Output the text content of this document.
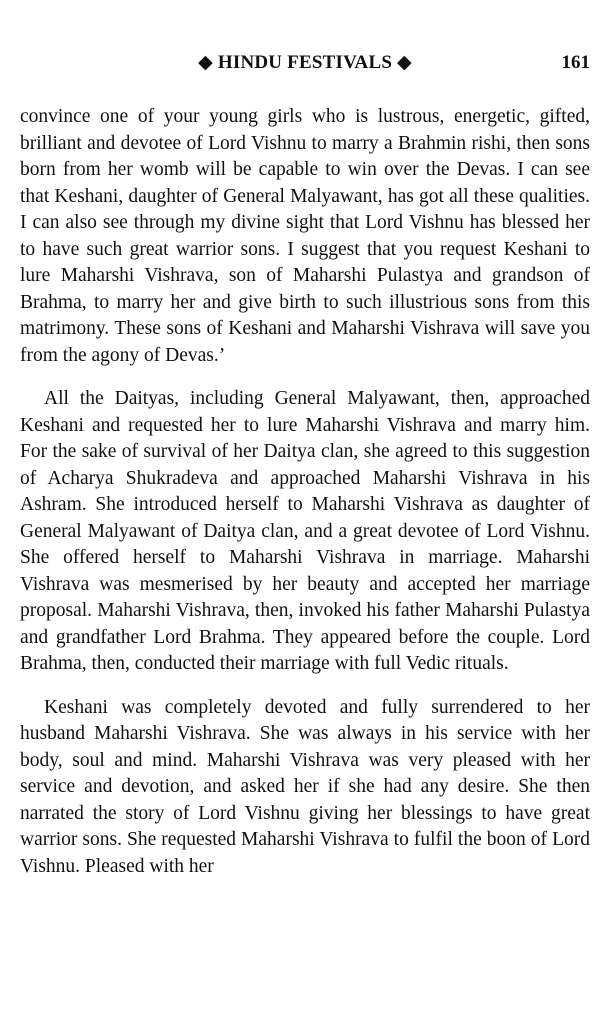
◆ HINDU FESTIVALS ◆	161

convince one of your young girls who is lustrous, energetic, gifted, brilliant and devotee of Lord Vishnu to marry a Brahmin rishi, then sons born from her womb will be capable to win over the Devas. I can see that Keshani, daughter of General Malyawant, has got all these qualities. I can also see through my divine sight that Lord Vishnu has blessed her to have such great warrior sons. I suggest that you request Keshani to lure Maharshi Vishrava, son of Maharshi Pulastya and grandson of Brahma, to marry her and give birth to such illustrious sons from this matrimony. These sons of Keshani and Maharshi Vishrava will save you from the agony of Devas.’

All the Daityas, including General Malyawant, then, approached Keshani and requested her to lure Maharshi Vishrava and marry him. For the sake of survival of her Daitya clan, she agreed to this suggestion of Acharya Shukradeva and approached Maharshi Vishrava in his Ashram. She introduced herself to Maharshi Vishrava as daughter of General Malyawant of Daitya clan, and a great devotee of Lord Vishnu. She offered herself to Maharshi Vishrava in marriage. Maharshi Vishrava was mesmerised by her beauty and accepted her marriage proposal. Maharshi Vishrava, then, invoked his father Maharshi Pulastya and grandfather Lord Brahma. They appeared before the couple. Lord Brahma, then, conducted their marriage with full Vedic rituals.

Keshani was completely devoted and fully surrendered to her husband Maharshi Vishrava. She was always in his service with her body, soul and mind. Maharshi Vishrava was very pleased with her service and devotion, and asked her if she had any desire. She then narrated the story of Lord Vishnu giving her blessings to have great warrior sons. She requested Maharshi Vishrava to fulfil the boon of Lord Vishnu. Pleased with her
